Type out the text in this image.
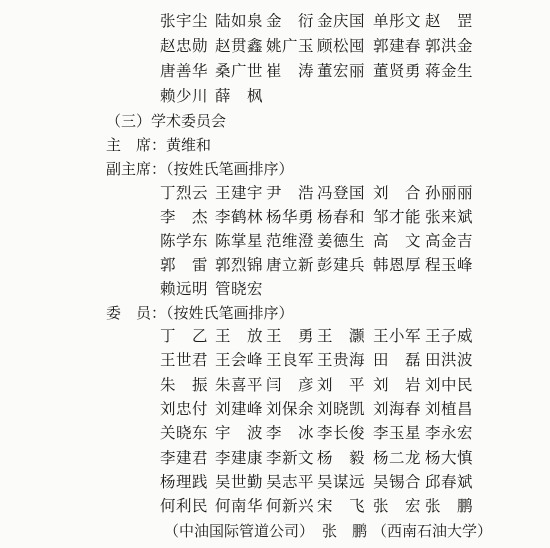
张宇尘 陆如泉 金　衍 金庆国 单彤文 赵　罡
赵忠勋 赵贯鑫 姚广玉 顾松囤 郭建春 郭洪金
唐善华 桑广世 崔　涛 董宏丽 董贤勇 蒋金生
赖少川 薛　枫
（三）学术委员会
主　席：黄维和
副主席：（按姓氏笔画排序）
丁烈云 王建宇 尹　浩 冯登国 刘　合 孙丽丽
李　杰 李鹤林 杨华勇 杨春和 邹才能 张来斌
陈学东 陈掌星 范维澄 姜德生 高　文 高金吉
郭　雷 郭烈锦 唐立新 彭建兵 韩恩厚 程玉峰
赖远明 管晓宏
委　员：（按姓氏笔画排序）
丁　乙 王　放 王　勇 王　灏 王小军 王子威
王世君 王会峰 王良军 王贵海 田　磊 田洪波
朱　振 朱喜平 闫　彦 刘　平 刘　岩 刘中民
刘忠付 刘建峰 刘保余 刘晓凯 刘海春 刘植昌
关晓东 宇　波 李　冰 李长俊 李玉星 李永宏
李建君 李建康 李新文 杨　毅 杨二龙 杨大慎
杨理践 吴世勤 吴志平 吴谋远 吴锡合 邱春斌
何利民 何南华 何新兴 宋　飞 张　宏 张　鹏
（中油国际管道公司） 张　鹏 （西南石油大学）
